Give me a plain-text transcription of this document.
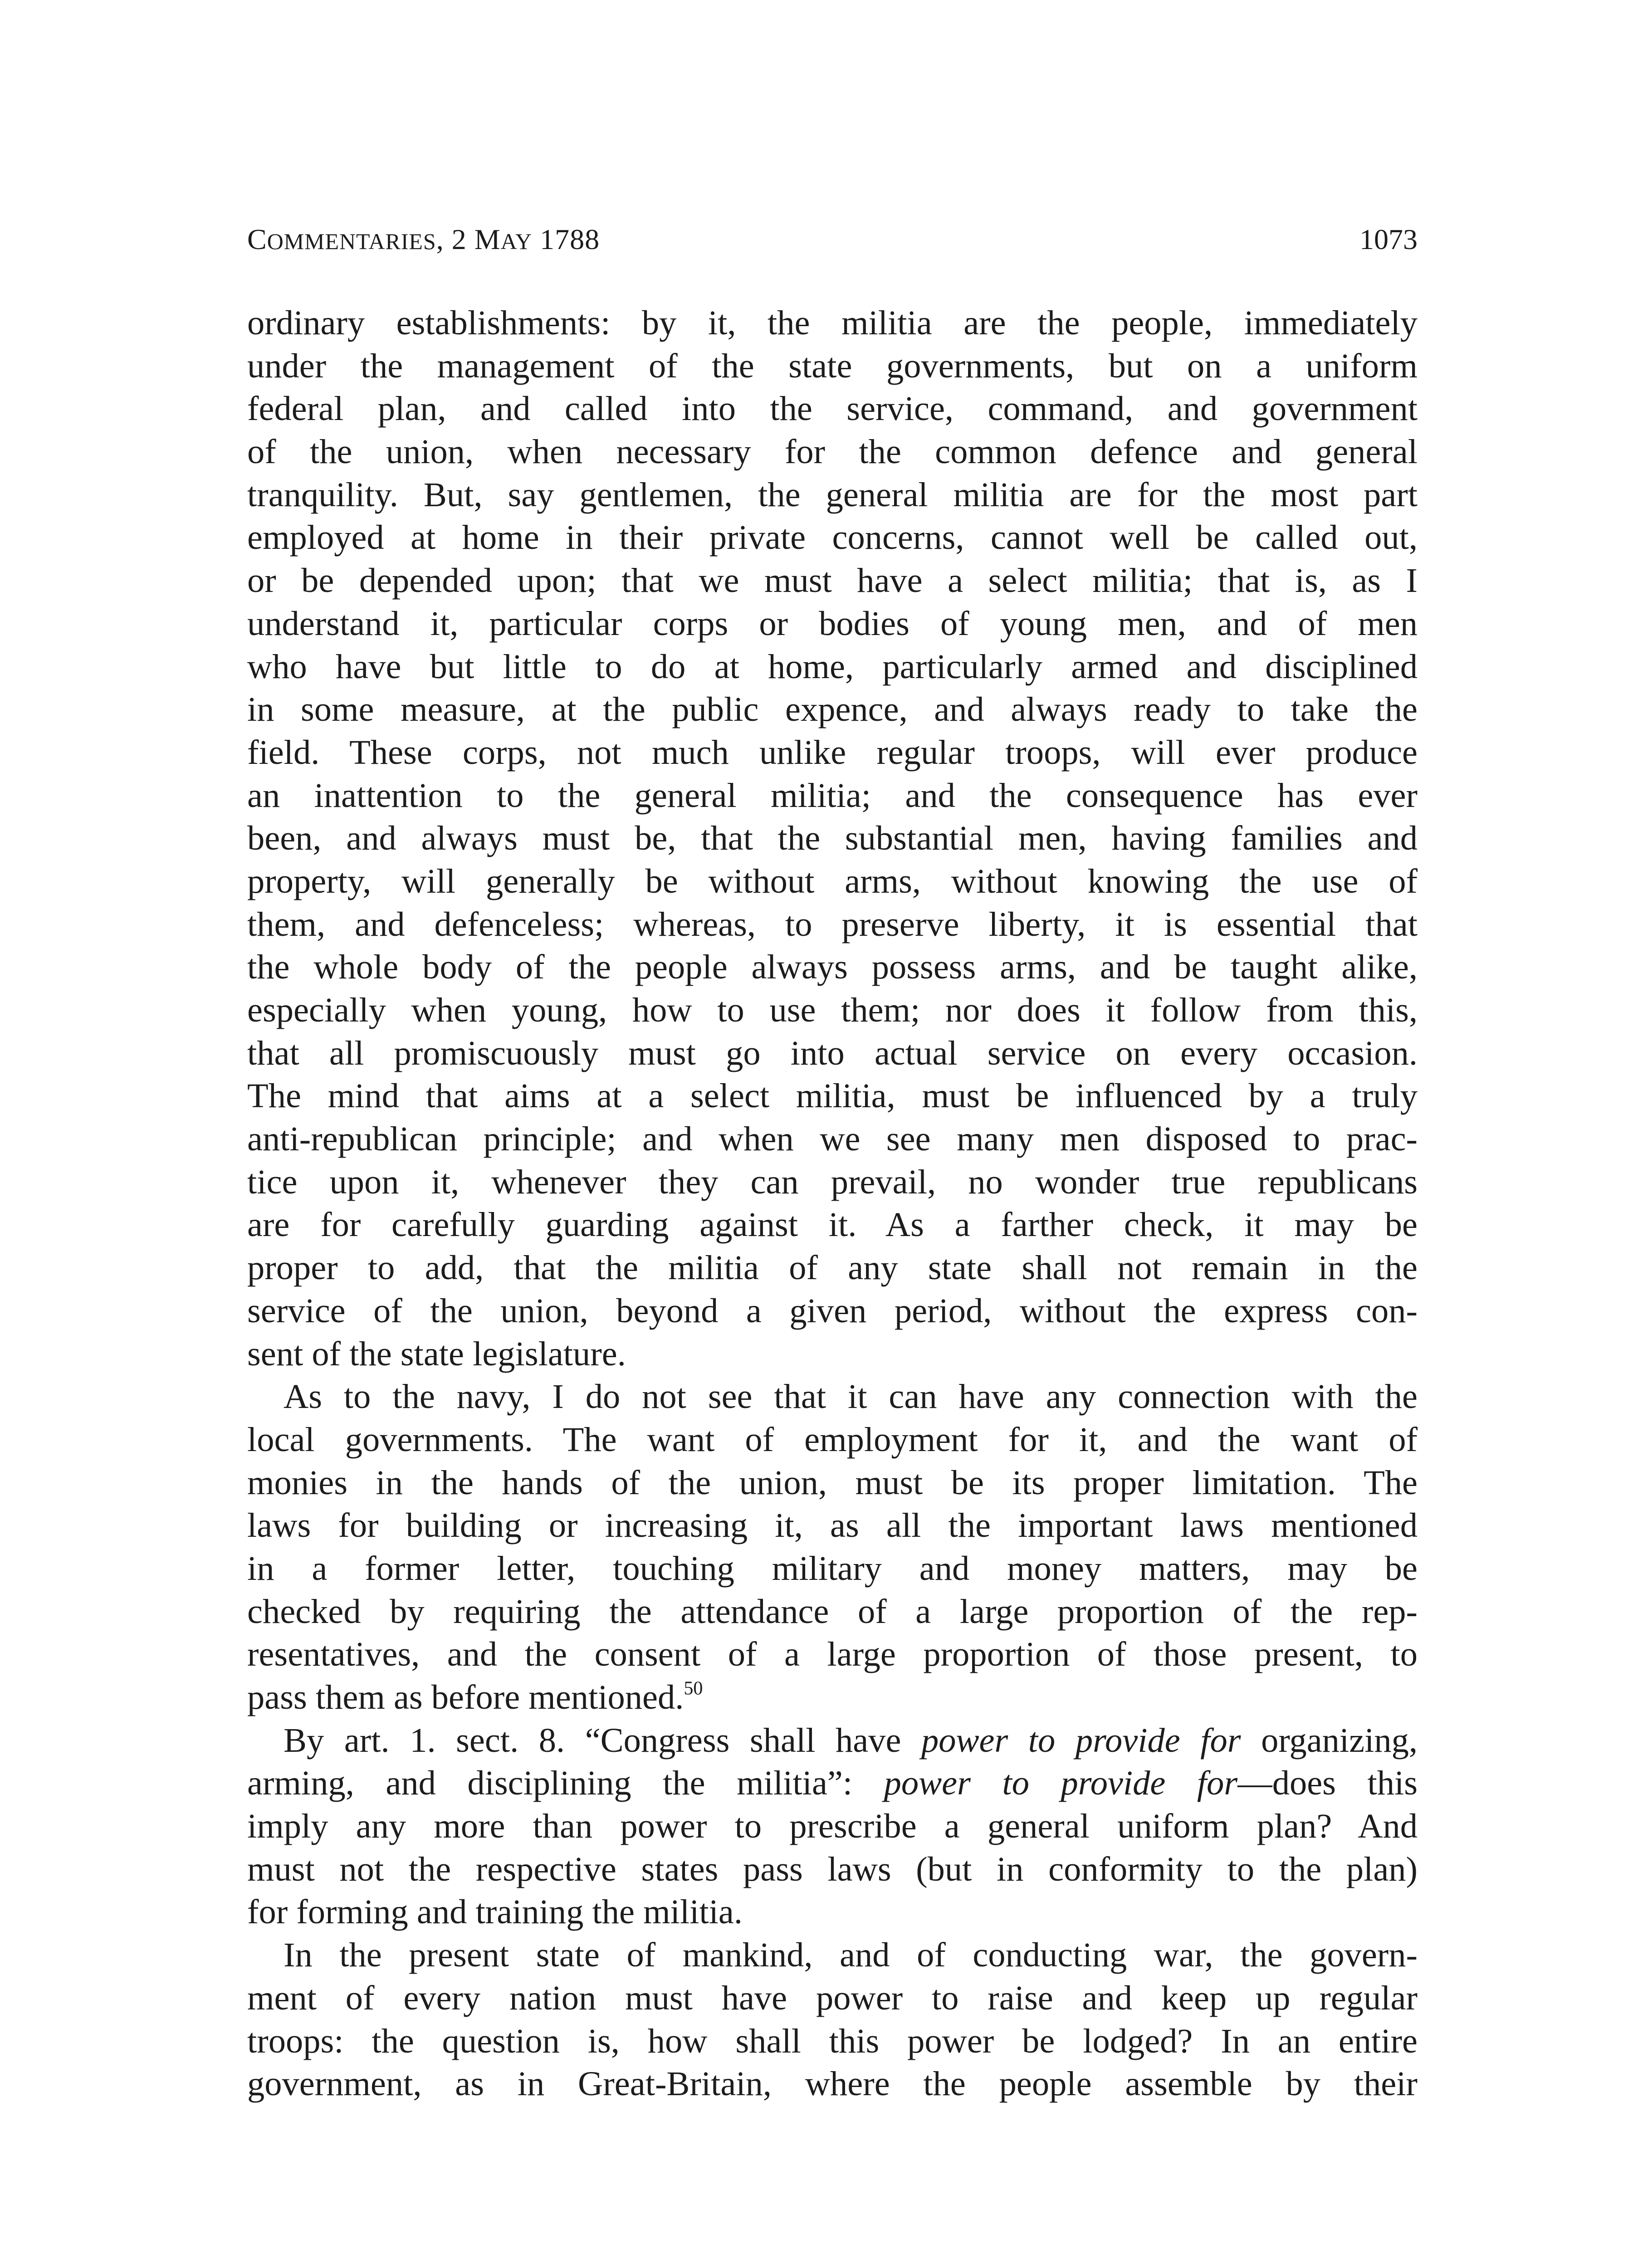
COMMENTARIES, 2 MAY 1788	1073
ordinary establishments: by it, the militia are the people, immediately
under the management of the state governments, but on a uniform
federal plan, and called into the service, command, and government
of the union, when necessary for the common defence and general
tranquility. But, say gentlemen, the general militia are for the most part
employed at home in their private concerns, cannot well be called out,
or be depended upon; that we must have a select militia; that is, as I
understand it, particular corps or bodies of young men, and of men
who have but little to do at home, particularly armed and disciplined
in some measure, at the public expence, and always ready to take the
field. These corps, not much unlike regular troops, will ever produce
an inattention to the general militia; and the consequence has ever
been, and always must be, that the substantial men, having families and
property, will generally be without arms, without knowing the use of
them, and defenceless; whereas, to preserve liberty, it is essential that
the whole body of the people always possess arms, and be taught alike,
especially when young, how to use them; nor does it follow from this,
that all promiscuously must go into actual service on every occasion.
The mind that aims at a select militia, must be influenced by a truly
anti-republican principle; and when we see many men disposed to prac-
tice upon it, whenever they can prevail, no wonder true republicans
are for carefully guarding against it. As a farther check, it may be
proper to add, that the militia of any state shall not remain in the
service of the union, beyond a given period, without the express con-
sent of the state legislature.
As to the navy, I do not see that it can have any connection with the
local governments. The want of employment for it, and the want of
monies in the hands of the union, must be its proper limitation. The
laws for building or increasing it, as all the important laws mentioned
in a former letter, touching military and money matters, may be
checked by requiring the attendance of a large proportion of the rep-
resentatives, and the consent of a large proportion of those present, to
pass them as before mentioned.$^{50}$
By art. 1. sect. 8. “Congress shall have power to provide for organizing,
arming, and disciplining the militia”: power to provide for—does this
imply any more than power to prescribe a general uniform plan? And
must not the respective states pass laws (but in conformity to the plan)
for forming and training the militia.
In the present state of mankind, and of conducting war, the govern-
ment of every nation must have power to raise and keep up regular
troops: the question is, how shall this power be lodged? In an entire
government, as in Great-Britain, where the people assemble by their
